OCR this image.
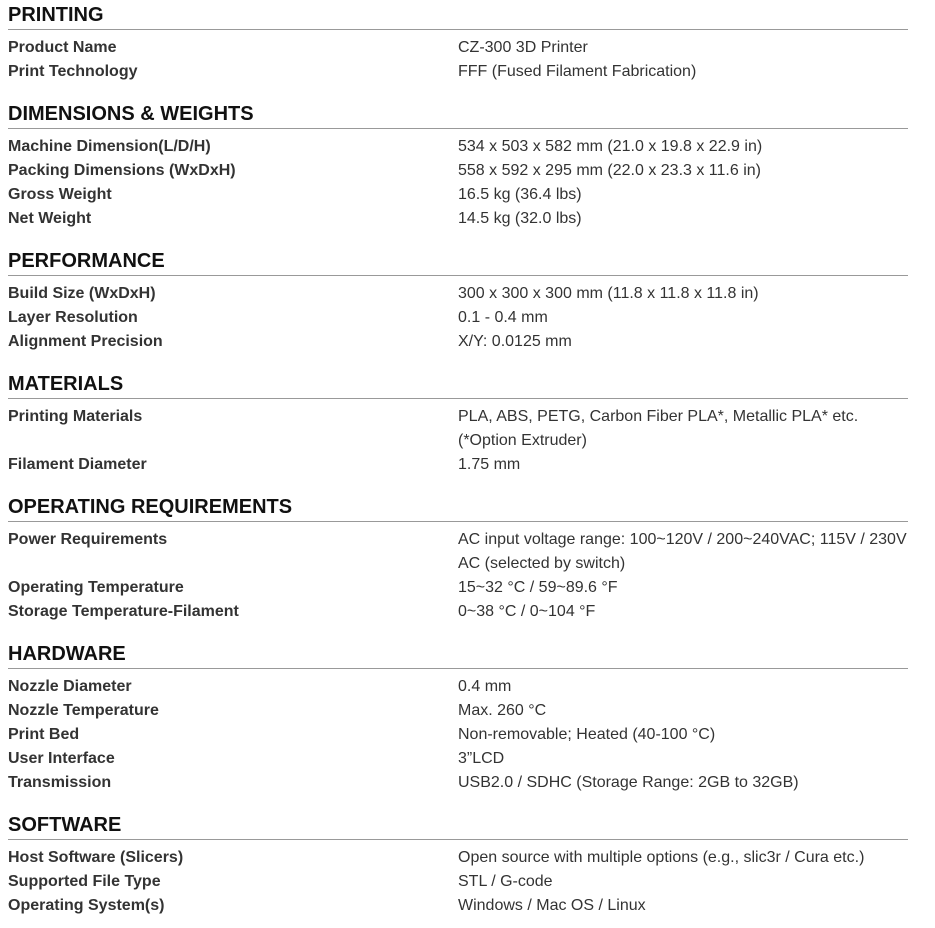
PRINTING
Product Name	CZ-300 3D Printer
Print Technology	FFF (Fused Filament Fabrication)
DIMENSIONS & WEIGHTS
Machine Dimension(L/D/H)	534 x 503 x 582 mm (21.0 x 19.8 x 22.9 in)
Packing Dimensions (WxDxH)	558 x 592 x 295 mm (22.0 x 23.3 x 11.6 in)
Gross Weight	16.5 kg (36.4 lbs)
Net Weight	14.5 kg (32.0 lbs)
PERFORMANCE
Build Size (WxDxH)	300 x 300 x 300 mm (11.8 x 11.8 x 11.8 in)
Layer Resolution	0.1 - 0.4 mm
Alignment Precision	X/Y: 0.0125 mm
MATERIALS
Printing Materials	PLA, ABS, PETG, Carbon Fiber PLA*, Metallic PLA* etc.
(*Option Extruder)
Filament Diameter	1.75 mm
OPERATING REQUIREMENTS
Power Requirements	AC input voltage range: 100~120V / 200~240VAC; 115V / 230V
AC (selected by switch)
Operating Temperature	15~32 °C / 59~89.6 °F
Storage Temperature-Filament	0~38 °C / 0~104 °F
HARDWARE
Nozzle Diameter	0.4 mm
Nozzle Temperature	Max. 260 °C
Print Bed	Non-removable; Heated (40-100 °C)
User Interface	3”LCD
Transmission	USB2.0 / SDHC (Storage Range: 2GB to 32GB)
SOFTWARE
Host Software (Slicers)	Open source with multiple options (e.g., slic3r / Cura etc.)
Supported File Type	STL / G-code
Operating System(s)	Windows / Mac OS / Linux
